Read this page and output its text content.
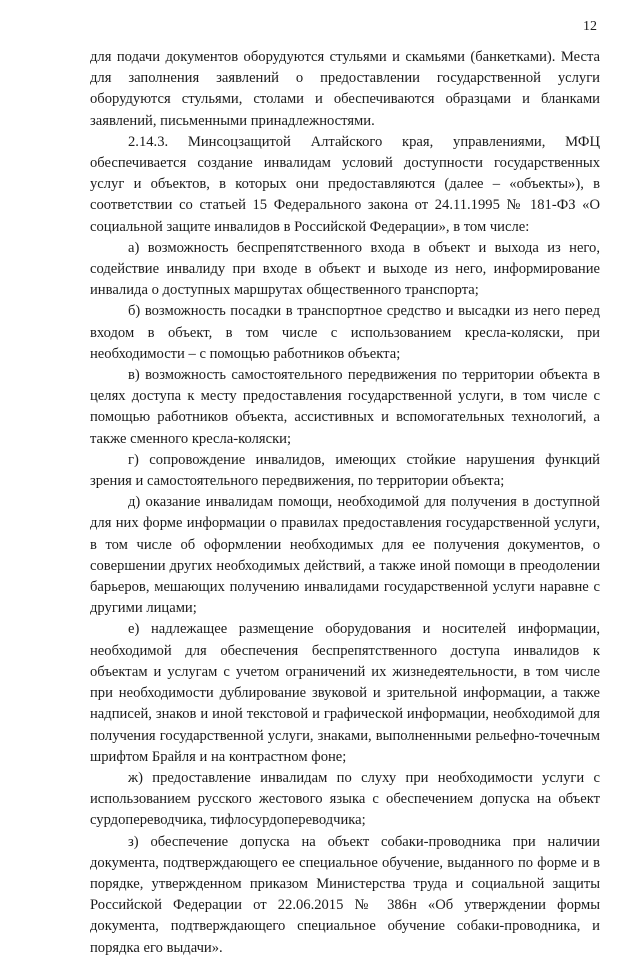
12

для подачи документов оборудуются стульями и скамьями (банкетками). Места для заполнения заявлений о предоставлении государственной услуги оборудуются стульями, столами и обеспечиваются образцами и бланками заявлений, письменными принадлежностями.

2.14.3. Минсоцзащитой Алтайского края, управлениями, МФЦ обеспечивается создание инвалидам условий доступности государственных услуг и объектов, в которых они предоставляются (далее – «объекты»), в соответствии со статьей 15 Федерального закона от 24.11.1995 № 181-ФЗ «О социальной защите инвалидов в Российской Федерации», в том числе:

а) возможность беспрепятственного входа в объект и выхода из него, содействие инвалиду при входе в объект и выходе из него, информирование инвалида о доступных маршрутах общественного транспорта;

б) возможность посадки в транспортное средство и высадки из него перед входом в объект, в том числе с использованием кресла-коляски, при необходимости – с помощью работников объекта;

в) возможность самостоятельного передвижения по территории объекта в целях доступа к месту предоставления государственной услуги, в том числе с помощью работников объекта, ассистивных и вспомогательных технологий, а также сменного кресла-коляски;

г) сопровождение инвалидов, имеющих стойкие нарушения функций зрения и самостоятельного передвижения, по территории объекта;

д) оказание инвалидам помощи, необходимой для получения в доступной для них форме информации о правилах предоставления государственной услуги, в том числе об оформлении необходимых для ее получения документов, о совершении других необходимых действий, а также иной помощи в преодолении барьеров, мешающих получению инвалидами государственной услуги наравне с другими лицами;

е) надлежащее размещение оборудования и носителей информации, необходимой для обеспечения беспрепятственного доступа инвалидов к объектам и услугам с учетом ограничений их жизнедеятельности, в том числе при необходимости дублирование звуковой и зрительной информации, а также надписей, знаков и иной текстовой и графической информации, необходимой для получения государственной услуги, знаками, выполненными рельефно-точечным шрифтом Брайля и на контрастном фоне;

ж) предоставление инвалидам по слуху при необходимости услуги с использованием русского жестового языка с обеспечением допуска на объект сурдопереводчика, тифлосурдопереводчика;

з) обеспечение допуска на объект собаки-проводника при наличии документа, подтверждающего ее специальное обучение, выданного по форме и в порядке, утвержденном приказом Министерства труда и социальной защиты Российской Федерации от 22.06.2015 № 386н «Об утверждении формы документа, подтверждающего специальное обучение собаки-проводника, и порядка его выдачи».
